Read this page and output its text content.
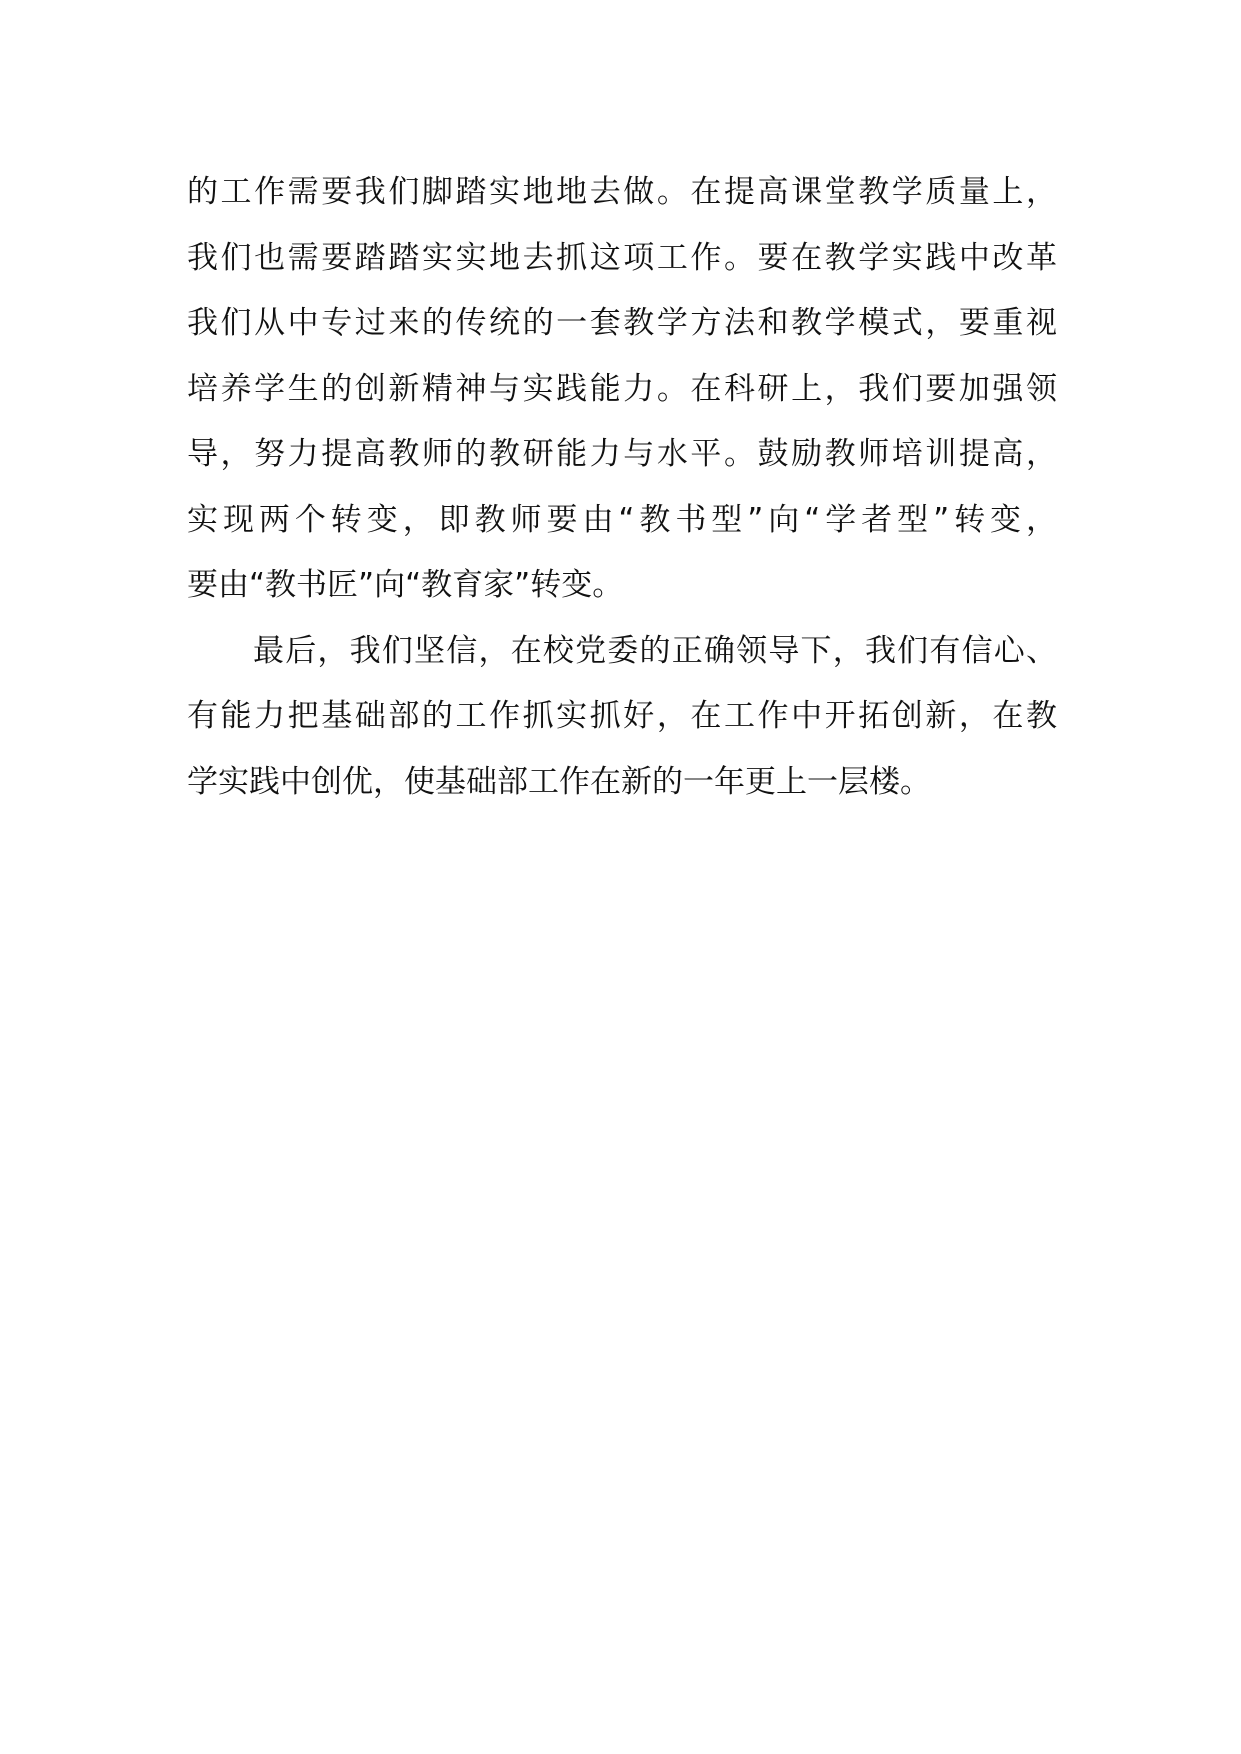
的工作需要我们脚踏实地地去做。在提高课堂教学质量上，
我们也需要踏踏实实地去抓这项工作。要在教学实践中改革
我们从中专过来的传统的一套教学方法和教学模式，要重视
培养学生的创新精神与实践能力。在科研上，我们要加强领
导，努力提高教师的教研能力与水平。鼓励教师培训提高，
实现两个转变，即教师要由“教书型”向“学者型”转变，
要由“教书匠”向“教育家”转变。
最后，我们坚信，在校党委的正确领导下，我们有信心、
有能力把基础部的工作抓实抓好，在工作中开拓创新，在教
学实践中创优，使基础部工作在新的一年更上一层楼。
